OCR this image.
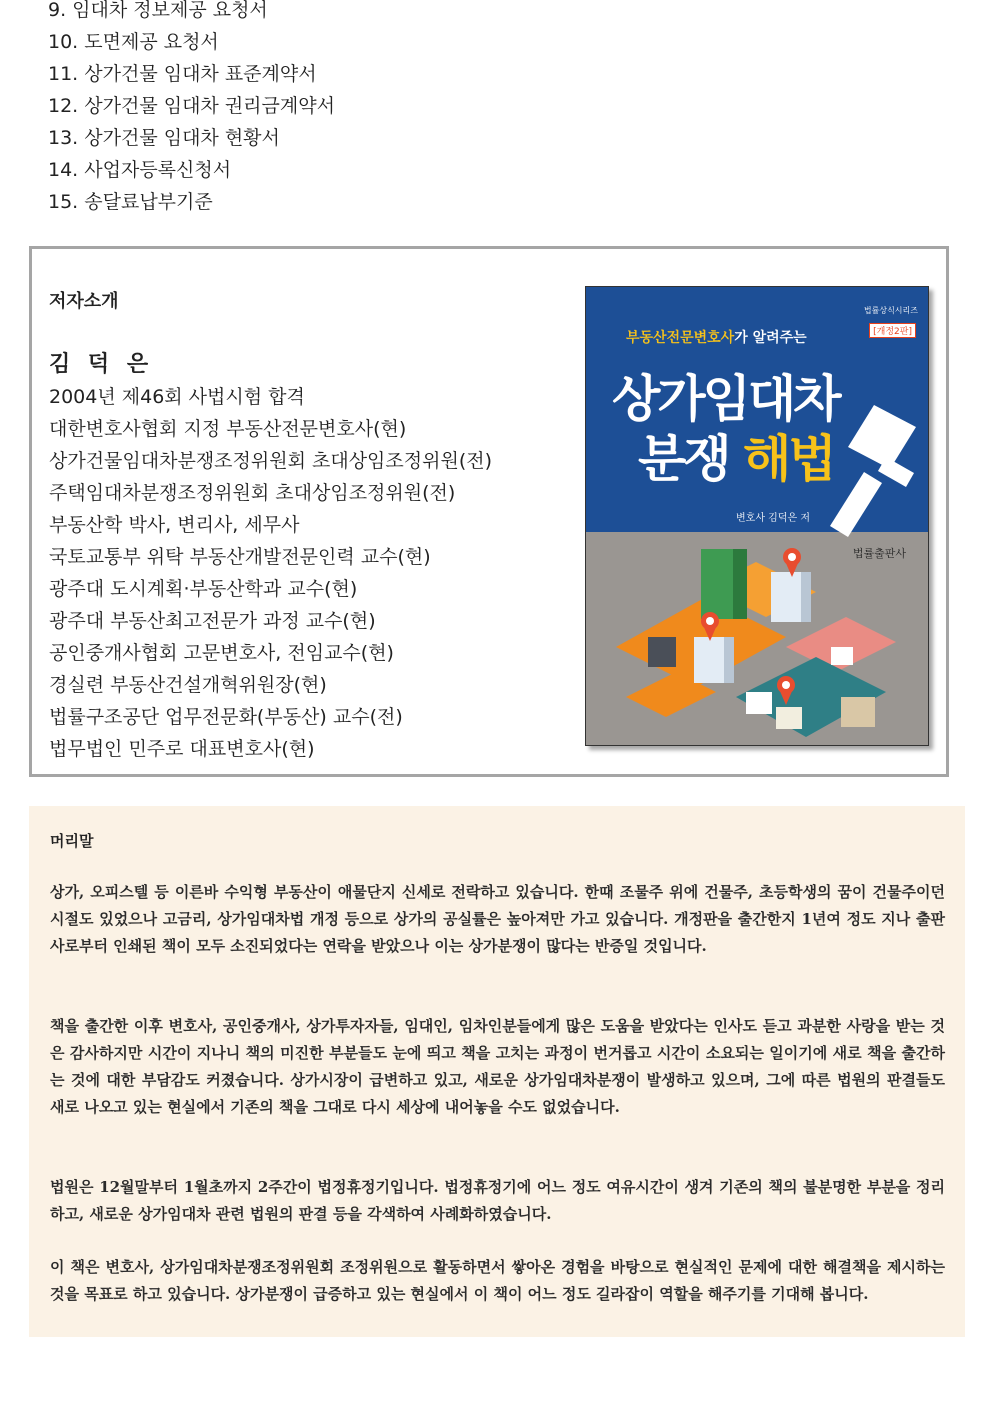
9. 임대차 정보제공 요청서
10. 도면제공 요청서
11. 상가건물 임대차 표준계약서
12. 상가건물 임대차 권리금계약서
13. 상가건물 임대차 현황서
14. 사업자등록신청서
15. 송달료납부기준
저자소개
김 덕 은
2004년 제46회 사법시험 합격
대한변호사협회 지정 부동산전문변호사(현)
상가건물임대차분쟁조정위원회 초대상임조정위원(전)
주택임대차분쟁조정위원회 초대상임조정위원(전)
부동산학 박사, 변리사, 세무사
국토교통부 위탁 부동산개발전문인력 교수(현)
광주대 도시계획·부동산학과 교수(현)
광주대 부동산최고전문가 과정 교수(현)
공인중개사협회 고문변호사, 전임교수(현)
경실련 부동산건설개혁위원장(현)
법률구조공단 업무전문화(부동산) 교수(전)
법무법인 민주로 대표변호사(현)
법률상식시리즈
[개정2판]
부동산전문변호사가 알려주는
상가임대차
분쟁 해법
변호사 김덕은 저
법률출판사
머리말

상가, 오피스텔 등 이른바 수익형 부동산이 애물단지 신세로 전락하고 있습니다. 한때 조물주 위에 건물주, 초등학생의 꿈이 건물주이던 시절도 있었으나 고금리, 상가임대차법 개정 등으로 상가의 공실률은 높아져만 가고 있습니다. 개정판을 출간한지 1년여 정도 지나 출판사로부터 인쇄된 책이 모두 소진되었다는 연락을 받았으나 이는 상가분쟁이 많다는 반증일 것입니다.

책을 출간한 이후 변호사, 공인중개사, 상가투자자들, 임대인, 임차인분들에게 많은 도움을 받았다는 인사도 듣고 과분한 사랑을 받는 것은 감사하지만 시간이 지나니 책의 미진한 부분들도 눈에 띄고 책을 고치는 과정이 번거롭고 시간이 소요되는 일이기에 새로 책을 출간하는 것에 대한 부담감도 커졌습니다. 상가시장이 급변하고 있고, 새로운 상가임대차분쟁이 발생하고 있으며, 그에 따른 법원의 판결들도 새로 나오고 있는 현실에서 기존의 책을 그대로 다시 세상에 내어놓을 수도 없었습니다.

법원은 12월말부터 1월초까지 2주간이 법정휴정기입니다. 법정휴정기에 어느 정도 여유시간이 생겨 기존의 책의 불분명한 부분을 정리하고, 새로운 상가임대차 관련 법원의 판결 등을 각색하여 사례화하였습니다.

이 책은 변호사, 상가임대차분쟁조정위원회 조정위원으로 활동하면서 쌓아온 경험을 바탕으로 현실적인 문제에 대한 해결책을 제시하는 것을 목표로 하고 있습니다. 상가분쟁이 급증하고 있는 현실에서 이 책이 어느 정도 길라잡이 역할을 해주기를 기대해 봅니다.
